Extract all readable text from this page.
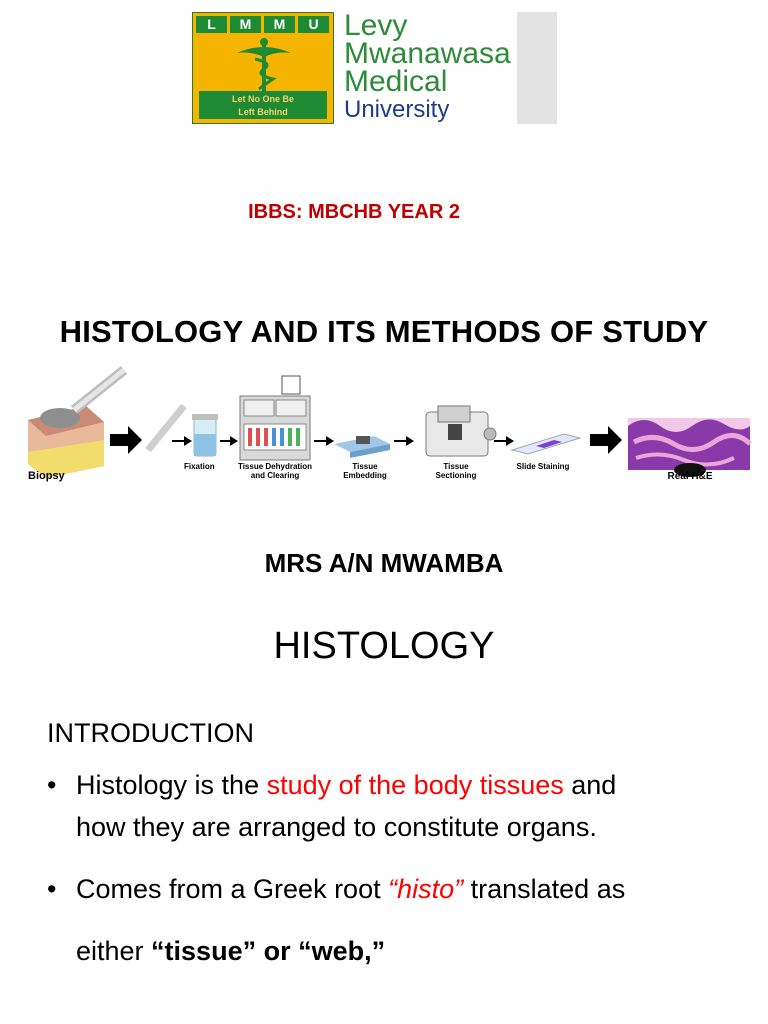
L	M	M	U
Let No One Be
Left Behind
Levy
Mwanawasa
Medical
University
IBBS: MBCHB YEAR 2
HISTOLOGY AND ITS METHODS OF STUDY
Biopsy
Fixation	Tissue Dehydration
and Clearing
Tissue
Embedding
Tissue
Sectioning
Slide Staining
Real H&E
MRS A/N MWAMBA
HISTOLOGY
INTRODUCTION
• Histology is the study of the body tissues and
how they are arranged to constitute organs.
• Comes from a Greek root “histo” translated as
either “tissue” or “web,”
